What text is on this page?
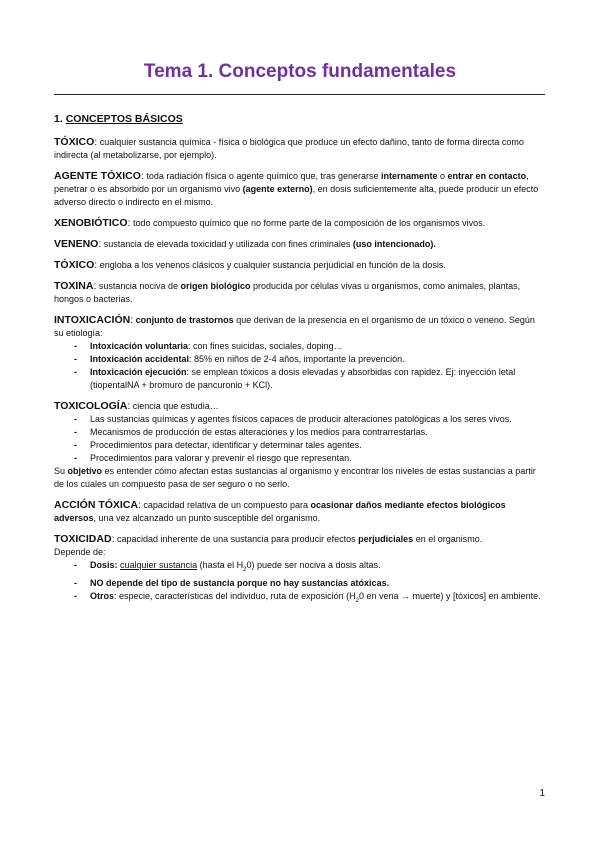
Tema 1. Conceptos fundamentales
1. CONCEPTOS BÁSICOS
TÓXICO: cualquier sustancia química - física o biológica que produce un efecto dañino, tanto de forma directa como indirecta (al metabolizarse, por ejemplo).
AGENTE TÓXICO: toda radiación física o agente químico que, tras generarse internamente o entrar en contacto, penetrar o es absorbido por un organismo vivo (agente externo), en dosis suficientemente alta, puede producir un efecto adverso directo o indirecto en el mismo.
XENOBIÓTICO: todo compuesto químico que no forme parte de la composición de los organismos vivos.
VENENO: sustancia de elevada toxicidad y utilizada con fines criminales (uso intencionado).
TÓXICO: engloba a los venenos clásicos y cualquier sustancia perjudicial en función de la dosis.
TOXINA: sustancia nociva de origen biológico producida por células vivas u organismos, como animales, plantas, hongos o bacterias.
INTOXICACIÓN: conjunto de trastornos que derivan de la presencia en el organismo de un tóxico o veneno. Según su etiología:
- Intoxicación voluntaria: con fines suicidas, sociales, doping…
- Intoxicación accidental: 85% en niños de 2-4 años, importante la prevención.
- Intoxicación ejecución: se emplean tóxicos a dosis elevadas y absorbidas con rapidez. Ej: inyección letal (tiopentalNA + bromuro de pancuronio + KCl).
TOXICOLOGÍA: ciencia que estudia…
- Las sustancias químicas y agentes físicos capaces de producir alteraciones patológicas a los seres vivos.
- Mecanismos de producción de estas alteraciones y los medios para contrarrestarlas.
- Procedimientos para detectar, identificar y determinar tales agentes.
- Procedimientos para valorar y prevenir el riesgo que representan.
Su objetivo es entender cómo afectan estas sustancias al organismo y encontrar los niveles de estas sustancias a partir de los cuales un compuesto pasa de ser seguro o no serlo.
ACCIÓN TÓXICA: capacidad relativa de un compuesto para ocasionar daños mediante efectos biológicos adversos, una vez alcanzado un punto susceptible del organismo.
TOXICIDAD: capacidad inherente de una sustancia para producir efectos perjudiciales en el organismo.
Depende de:
- Dosis: cualquier sustancia (hasta el $H_20$) puede ser nociva a dosis altas.
- NO depende del tipo de sustancia porque no hay sustancias atóxicas.
- Otros: especie, características del individuo, ruta de exposición ($H_20$ en vena → muerte) y [tóxicos] en ambiente.
1
